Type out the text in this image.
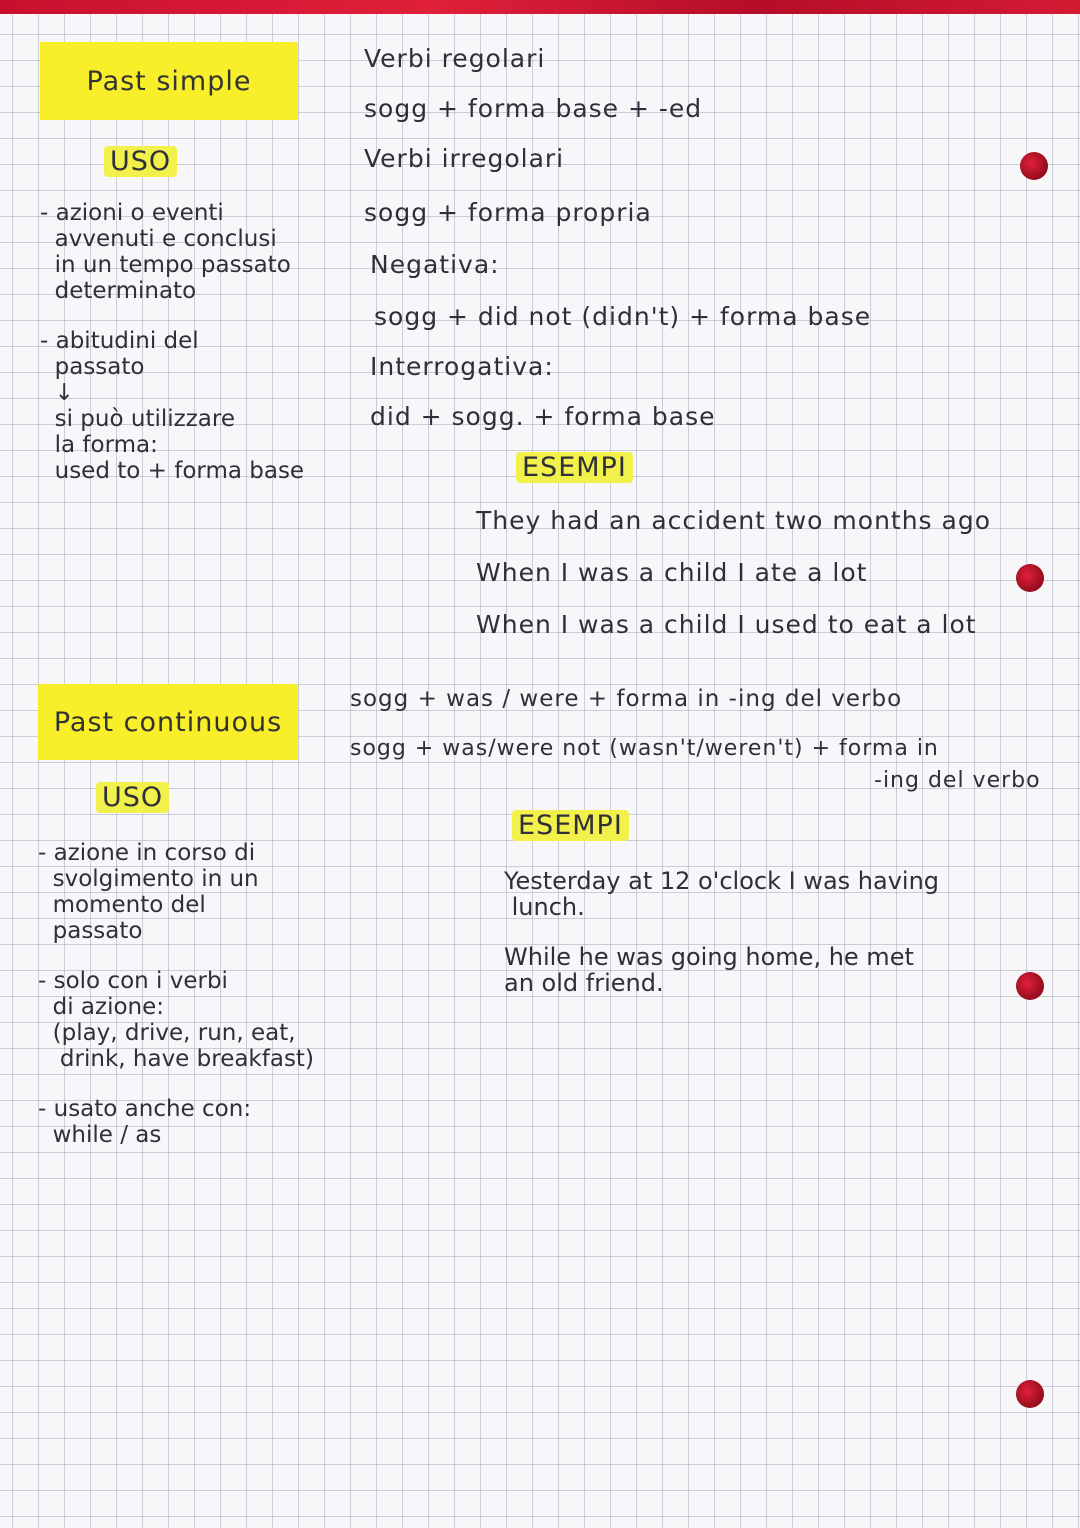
Past simple
USO
- azioni o eventi
avvenuti e conclusi
in un tempo passato
determinato
- abitudini del
passato
↓
si può utilizzare
la forma:
used to + forma base
Verbi regolari
sogg + forma base + -ed
Verbi irregolari
sogg + forma propria
Negativa:
sogg + did not (didn't) + forma base
Interrogativa:
did + sogg. + forma base
ESEMPI
They had an accident two months ago
When I was a child I ate a lot
When I was a child I used to eat a lot
Past continuous
USO
- azione in corso di
svolgimento in un
momento del
passato
- solo con i verbi
di azione:
(play, drive, run, eat,
drink, have breakfast)
- usato anche con:
while / as
sogg + was / were + forma in -ing del verbo
sogg + was/were not (wasn't/weren't) + forma in
-ing del verbo
ESEMPI
Yesterday at 12 o'clock I was having
lunch.
While he was going home, he met
an old friend.
